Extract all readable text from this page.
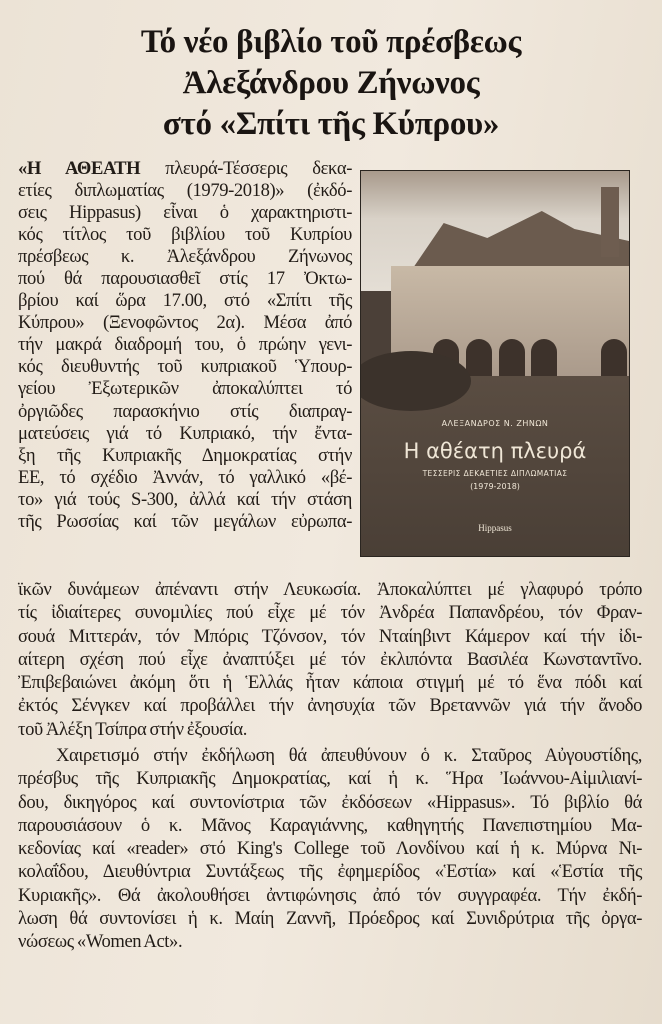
Τό νέο βιβλίο τοῦ πρέσβεως
Ἀλεξάνδρου Ζήνωνος
στό «Σπίτι τῆς Κύπρου»
«Η ΑΘΕΑΤΗ πλευρά-Τέσσερις δεκα-
ετίες διπλωματίας (1979-2018)» (ἐκδό-
σεις Hippasus) εἶναι ὁ χαρακτηριστι-
κός τίτλος τοῦ βιβλίου τοῦ Κυπρίου
πρέσβεως κ. Ἀλεξάνδρου Ζήνωνος
πού θά παρουσιασθεῖ στίς 17 Ὀκτω-
βρίου καί ὥρα 17.00, στό «Σπίτι τῆς
Κύπρου» (Ξενοφῶντος 2α). Μέσα ἀπό
τήν μακρά διαδρομή του, ὁ πρώην γενι-
κός διευθυντής τοῦ κυπριακοῦ Ὑπουρ-
γείου Ἐξωτερικῶν ἀποκαλύπτει τό
ὀργιῶδες παρασκήνιο στίς διαπραγ-
ματεύσεις γιά τό Κυπριακό, τήν ἔντα-
ξη τῆς Κυπριακῆς Δημοκρατίας στήν
ΕΕ, τό σχέδιο Ἀννάν, τό γαλλικό «βέ-
το» γιά τούς S-300, ἀλλά καί τήν στάση
τῆς Ρωσσίας καί τῶν μεγάλων εὐρωπα-
ΑΛΕΞΑΝΔΡΟΣ Ν. ΖΗΝΩΝ
Η αθέατη πλευρά
ΤΕΣΣΕΡΙΣ ΔΕΚΑΕΤΙΕΣ ΔΙΠΛΩΜΑΤΙΑΣ
(1979-2018)
Hippasus
ϊκῶν δυνάμεων ἀπέναντι στήν Λευκωσία. Ἀποκαλύπτει μέ γλαφυρό τρόπο
τίς ἰδιαίτερες συνομιλίες πού εἶχε μέ τόν Ἀνδρέα Παπανδρέου, τόν Φραν-
σουά Μιττεράν, τόν Μπόρις Τζόνσον, τόν Νταίηβιντ Κάμερον καί τήν ἰδι-
αίτερη σχέση πού εἶχε ἀναπτύξει μέ τόν ἐκλιπόντα Βασιλέα Κωνσταντῖνο.
Ἐπιβεβαιώνει ἀκόμη ὅτι ἡ Ἑλλάς ἦταν κάποια στιγμή μέ τό ἕνα πόδι καί
ἐκτός Σένγκεν καί προβάλλει τήν ἀνησυχία τῶν Βρεταννῶν γιά τήν ἄνοδο
τοῦ Ἀλέξη Τσίπρα στήν ἐξουσία.
Χαιρετισμό στήν ἐκδήλωση θά ἀπευθύνουν ὁ κ. Σταῦρος Αὐγουστίδης,
πρέσβυς τῆς Κυπριακῆς Δημοκρατίας, καί ἡ κ. Ἥρα Ἰωάννου-Αἰμιλιανί-
δου, δικηγόρος καί συντονίστρια τῶν ἐκδόσεων «Hippasus». Τό βιβλίο θά
παρουσιάσουν ὁ κ. Μᾶνος Καραγιάννης, καθηγητής Πανεπιστημίου Μα-
κεδονίας καί «reader» στό King's College τοῦ Λονδίνου καί ἡ κ. Μύρνα Νι-
κολαΐδου, Διευθύντρια Συντάξεως τῆς ἐφημερίδος «Ἑστία» καί «Ἑστία τῆς
Κυριακῆς». Θά ἀκολουθήσει ἀντιφώνησις ἀπό τόν συγγραφέα. Τήν ἐκδή-
λωση θά συντονίσει ἡ κ. Μαίη Ζαννῆ, Πρόεδρος καί Συνιδρύτρια τῆς ὀργα-
νώσεως «Women Act».
